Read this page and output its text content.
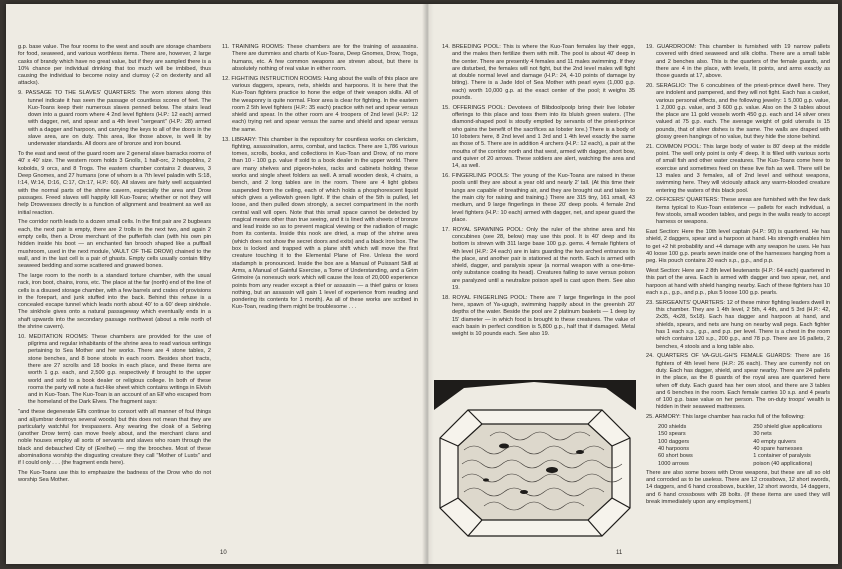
g.p. base value. The four rooms to the west and south are storage chambers for food, seaweed, and various worthless items. There are, however, 2 large casks of brandy which have no great value, but if they are sampled there is a 10% chance per individual drinking that too much will be imbibed, thus causing the individual to become noisy and clumsy (-2 on dexterity and all attacks).

9. PASSAGE TO THE SLAVES' QUARTERS: The worn stones along this tunnel indicate it has seen the passage of countless scores of feet. The Kuo-Toans keep their numerous slaves penned below. The stairs lead down into a guard room where 4 2nd level fighters (H.P.: 12 each) armed with dagger, net, and spear and a 4th level "sergeant" (H.P.: 28) armed with a dagger and harpoon, and carrying the keys to all of the doors in the slave area, are on duty. This area, like those above, is well lit by underwater standards. All doors are of bronze and iron bound.

To the east and west of the guard room are 2 general slave barracks rooms of 40' x 40' size. The western room holds 3 Gnolls, 1 half-orc, 2 hobgoblins, 2 kobolds, 9 orcs, and 8 Trogs. The eastern chamber contains 2 dwarves, 3 Deep Gnomes, and 27 humans (one of whom is a 7th level paladin with S:18, I:14, W:14, D:16, C:17, Ch:17, H.P.: 60). All slaves are fairly well acquainted with the normal parts of the shrine cavern, especially the area and Drow passages. Freed slaves will happily kill Kuo-Toans; whether or not they will help Drowvesses directly is a function of alignment and treatment as well as initial reaction.

The corridor north leads to a dozen small cells. In the first pair are 2 bugbears each, the next pair is empty, there are 2 trolls in the next two, and again 2 empty cells, then a Drow merchant of the pufferfish clan (with his own pin hidden inside his boot — an enchanted fan brooch shaped like a puffball mushroom, used in the next module, VAULT OF THE DROW) chained to the wall, and in the last cell is a pair of ghasts. Empty cells usually contain filthy seaweed bedding and some scattered and gnawed bones.

The large room to the north is a standard torture chamber, with the usual rack, iron boot, chains, irons, etc. The place at the far (north) end of the line of cells is a disused storage chamber, with a few barrels and crates of provisions in the forepart, and junk stuffed into the back. Behind this refuse is a concealed escape tunnel which leads north about 40' to a 60' deep sinkhole. The sinkhole gives onto a natural passageway which eventually ends in a shaft upwards into the secondary passage northwest (about a mile north of the shrine cavern).

10. MEDITATION ROOMS: These chambers are provided for the use of pilgrims and regular inhabitants of the shrine area to read various writings pertaining to Sea Mother and her works. There are 4 stone tables, 2 stone benches, and 8 bone stools in each room. Besides short tracts, there are 27 scrolls and 18 books in each place, and these items are worth 1 g.p. each, and 2,500 g.p. respectively if brought to the upper world and sold to a book dealer or religious college. In both of these rooms the party will note a fact-like sheet which contains writings in Elvish and in Kuo-Toan. The Kuo-Toan is an account of an Elf who escaped from the homeland of the Dark Elves. The fragment says:

"and these degenerate Elfs continue to consort with all manner of foul things and al(umbrar destroys several woods) but this does not mean that they are particularly watchful for trespassers. Any wearing the cloak of a Sebring (another Drow term) can move freely about, and the merchant clans and noble houses employ all sorts of servants and slaves who roam through the black and debauched City of (Erelhei) — ring the brooches. Most of these abominations worship the disgusting creature they call "Mother of Lusts" and if I could only . . . (the fragment ends here).

The Kuo-Toans use this to emphasize the badness of the Drow who do not worship Sea Mother.

11. TRAINING ROOMS: These chambers are for the training of assassins. There are dummies and charts of Kuo-Toans, Deep Gnomes, Drow, Trogs, humans, etc. A few common weapons are strewn about, but there is absolutely nothing of real value in either room.

12. FIGHTING INSTRUCTION ROOMS: Hung about the walls of this place are various daggers, spears, nets, shields and harpoons. It is here that the Kuo-Toan fighters practice to hone the edge of their weapon skills. All of the weaponry is quite normal. Floor area is clear for fighting. In the eastern room 2 5th level fighters (H.P.: 35 each) practice with net and spear versus shield and spear. In the other room are 4 troopers of 2nd level (H.P.: 12 each) trying net and spear versus the same and shield and spear versus the same.

13. LIBRARY: This chamber is the repository for countless works on clericism, fighting, assassination, arms, combat, and tactics. There are 1,786 various tomes, scrolls, books, and collections in Kuo-Toan and Drow, of no more than 10 - 100 g.p. value if sold to a book dealer in the upper world. There are many shelves and pigeon-holes, racks and cabinets holding these works and single sheet folders as well. A small wooden desk, 4 chairs, a bench, and 2 long tables are in the room. There are 4 light globes suspended from the ceiling, each of which holds a phosphorescent liquid which gives a yellowish green light. If the chain of the 5th is pulled, let loose, and then pulled down strongly, a secret compartment in the north central wall will open. Note that this small space cannot be detected by magical means other than true seeing, and it is lined with sheets of bronze and lead inside so as to prevent magical viewing or the radiation of magic from its contents. Inside this nook are dried, a map of the shrine area (which does not show the secret doors and exits) and a black iron box. The box is locked and trapped with a plane shift which will move the first creature touching it to the Elemental Plane of Fire. Unless the word stadamph is pronounced. Inside the box are a Manual of Puissant Skill at Arms, a Manual of Gainful Exercise, a Tome of Understanding, and a Grim Grimoire (a nonesuch work which will cause the loss of 20,000 experience points from any reader except a thief or assassin — a thief gains or loses nothing, but an assassin will gain 1 level of experience from reading and pondering its contents for 1 month). As all of these works are scribed in Kuo-Toan, reading them might be troublesome . . .

10

14. BREEDING POOL: This is where the Kuo-Toan females lay their eggs, and the males then fertilize them with milt. The pool is about 40' deep in the center. There are presently 4 females and 11 males swimming. If they are disturbed, the females will not fight, but the 2nd level males will fight at double normal level and damage (H.P.: 24, 4-10 points of damage by biting). There is a Jade Idol of Sea Mother with pearl eyes (1,000 g.p. each) worth 10,000 g.p. at the exact center of the pool; it weighs 35 pounds.

15. OFFERINGS POOL: Devotees of Blibdoolpoolp bring their live lobster offerings to this place and toss them into its bluish green waters. (The diamond-shaped pool is stoutly emptied by servants of the priest-prince who gains the benefit of the sacrifices as lobster lore.) There is a body of 10 lobsters here, 8 2nd level and 1 3rd and 1 4th level exactly the same as those of 5. There are in addition 4 archers (H.P.: 12 each), a pair at the mouths of the corridor north and that west, armed with dagger, short bow, and quiver of 20 arrows. These soldiers are alert, watching the area and 14, as well.

16. FINGERLING POOLS: The young of the Kuo-Toans are raised in these pools until they are about a year old and nearly 2' tall. (At this time their lungs are capable of breathing air, and they are brought out and taken to the main city for raising and training.) There are 315 tiny, 161 small, 43 medium, and 9 large fingerlings in these 20' deep pools. 4 female 2nd level fighters (H.P.: 10 each) armed with dagger, net, and spear guard the place.

17. ROYAL SPAWNING POOL: Only the ruler of the shrine area and his concubines (see 28, below) may use this pool. It is 40' deep and its bottom is strewn with 311 large base 100 g.p. gems. 4 female fighters of 4th level (H.P.: 24 each) are in lairs guarding the two arched entrances to the place, and another pair is stationed at the north. Each is armed with shield, dagger, and paralysis spear (a normal weapon with a one-time-only substance coating its head). Creatures failing to save versus poison are paralyzed until a neutralize poison spell is cast upon them. See also 19.

18. ROYAL FINGERLING POOL: There are 7 large fingerlings in the pool here, spawn of Ya-ugugh, swimming happily about in the greenish 20' depths of the water. Beside the pool are 2 platinum baskets — 1 deep by 15' diameter — in which food is brought to these creatures. The value of each basin in perfect condition is 5,800 g.p., half that if damaged. Metal weight is 10 pounds each. See also 19.

19. GUARDROOM: This chamber is furnished with 19 narrow pallets covered with dried seaweed and silk cloths. There are a small table and 2 benches also. This is the quarters of the female guards, and there are 4 in the place, with levels, lit points, and arms exactly as those guards at 17, above.

20. SERAGLIO: The 6 concubines of the priest-prince dwell here. They are indolent and pampered, and they will not fight. Each has a casket, various personal effects, and the following jewelry: 1 5,000 g.p. value, 1 2,000 g.p. value, and 3 600 g.p. value. Also on the 3 tables about the place are 11 gold vessels worth 450 g.p. each and 14 silver ones valued at 75 g.p. each. The average weight of gold utensils is 15 pounds, that of silver dishes is the same. The walls are draped with glossy green hangings of no value, but they hide the stone behind.

21. COMMON POOL: This large body of water is 80' deep at the middle point. The well only point is only 4' deep. It is filled with various sorts of small fish and other water creatures. The Kuo-Toans come here to exercise and sometimes feed on these live fish as well. There will be 13 males and 3 females, all of 2nd level and without weapons, swimming here. They will viciously attack any warm-blooded creature entering the waters of this black pool.

22. OFFICERS' QUARTERS: These areas are furnished with the few dark items typical to Kuo-Toan existence — pallets for each individual, a few stools, small wooden tables, and pegs in the walls ready to accept harness or weapons.

East Section: Here the 10th level captain (H.P.: 90) is quartered. He has shield, 2 daggers, spear and a harpoon at hand. His strength enables him to get +2 hit probability and +4 damage with any weapon he uses. He has 40 loose 100 g.p. pearls sewn inside one of the harnesses hanging from a peg. His pouch contains 20 each s.p., g.p., and p.p.

West Section: Here are 2 8th level lieutenants (H.P.: 64 each) quartered in this part of the area. Each is armed with dagger and two spear, net, and harpoon at hand with shield hanging nearby. Each of these fighters has 10 each s.p., g.p., and p.p., plus 5 loose 100 g.p. pearls.

23. SERGEANTS' QUARTERS: 12 of these minor fighting leaders dwell in this chamber. They are 1 4th level, 2 5th, 4 4th, and 5 3rd (H.P.: 42, 2x35, 4x28, 5x18). Each has dagger and harpoon at hand, and shields, spears, and nets are hung on nearby wall pegs. Each fighter has 1 each s.p., g.p., and p.p. per level. There is a chest in the room which contains 120 s.p., 200 g.p., and 78 p.p. There are 16 pallets, 2 benches, 4 stools and a long table also.

24. QUARTERS OF VA-GUL-GH'S FEMALE GUARDS: There are 16 fighters of 4th level here (H.P.: 26 each). They are currently not on duty. Each has dagger, shield, and spear nearby. There are 24 pallets in the place, as the 8 guards of the royal area are quartered here when off duty. Each guard has her own stool, and there are 3 tables and 6 benches in the room. Each female carries 10 s.p. and 4 pearls of 100 g.p. base value on her person. The on-duty troops' wealth is hidden in their seaweed mattresses.

25. ARMORY: This large chamber has racks full of the following:

200 shields
150 spears
100 daggers
40 harpoons
60 short bows
1000 arrows
250 shield glue applications
30 nets
40 empty quivers
40 spare harnesses
1 container of paralysis
poison (40 applications)

There are also some boxes with Drow weapons, but these are all so old and corroded as to be useless. There are 12 crossbows, 12 short swords, 14 daggers, and 6 hand crossbows, buckler, 12 short swords, 14 daggers, and 6 hand crossbows with 28 bolts. (If these items are used they will break immediately upon any employment.)

11
